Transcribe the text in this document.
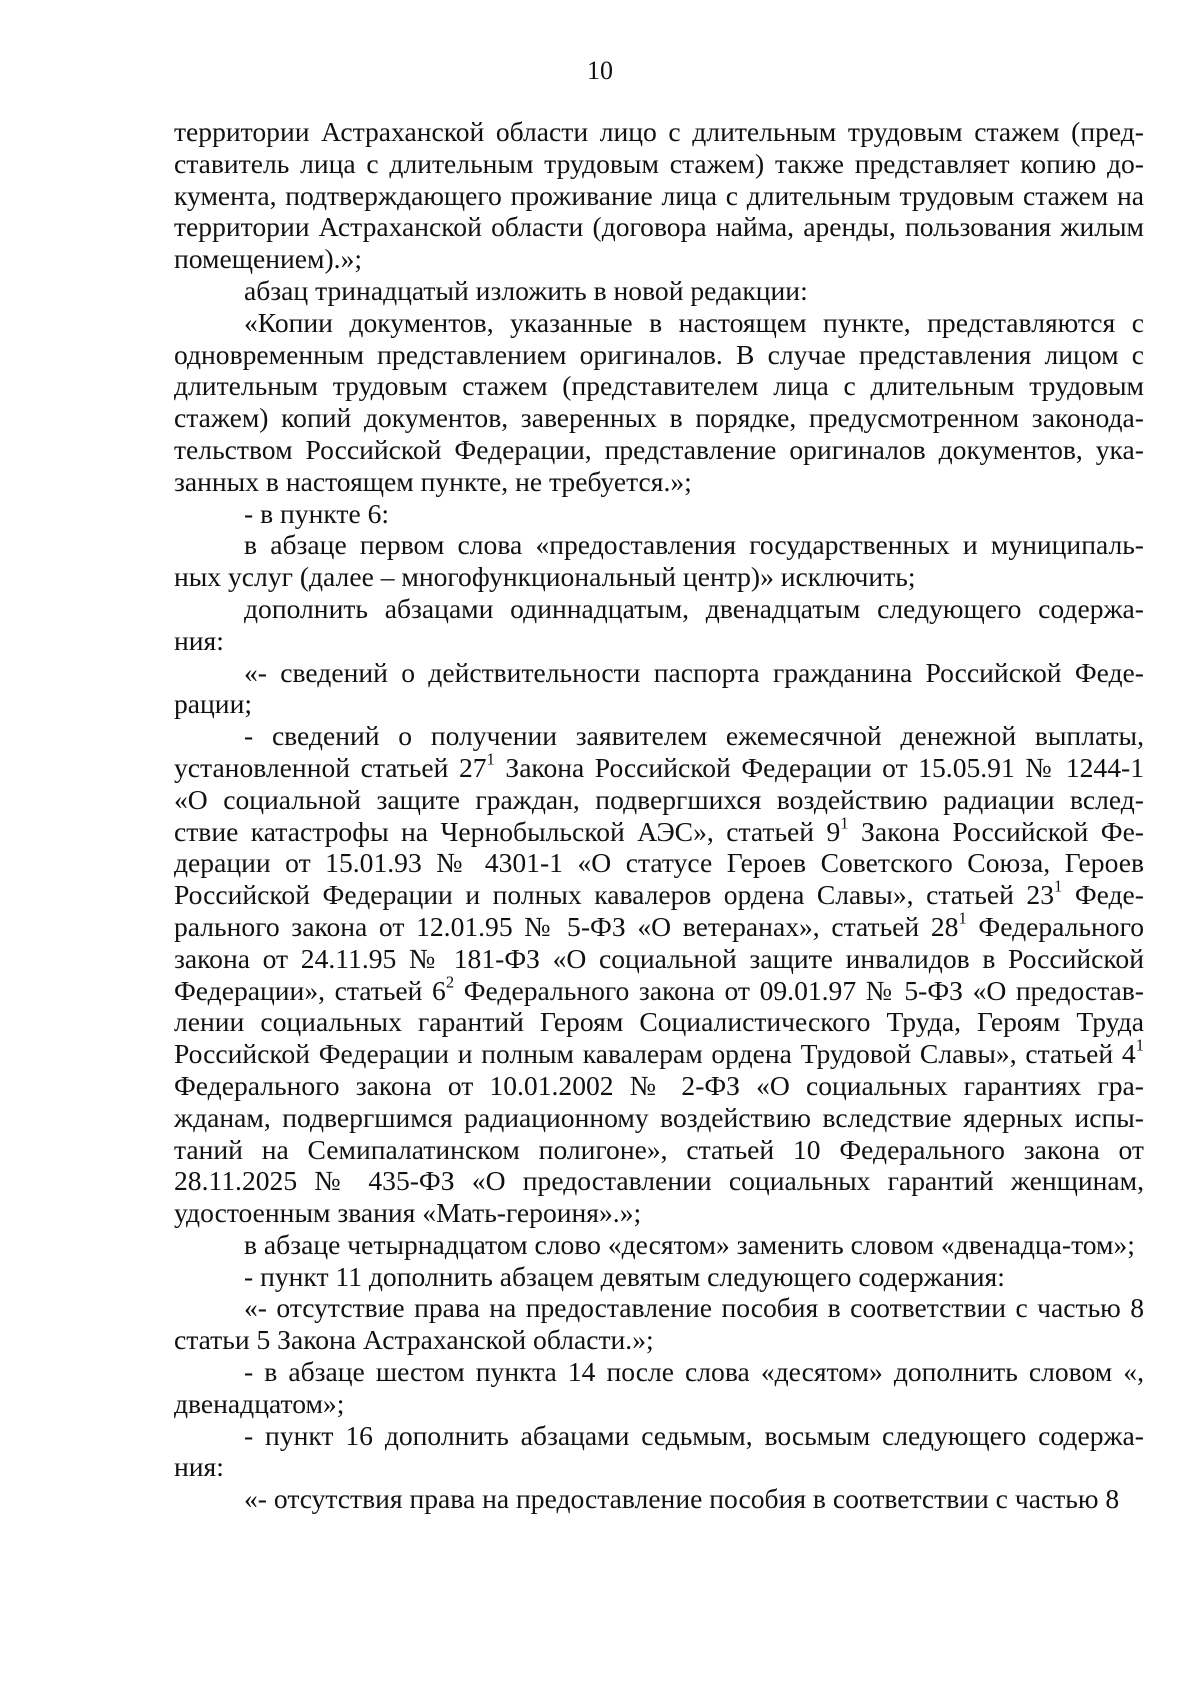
10

территории Астраханской области лицо с длительным трудовым стажем (пред-ставитель лица с длительным трудовым стажем) также представляет копию до-кумента, подтверждающего проживание лица с длительным трудовым стажем на территории Астраханской области (договора найма, аренды, пользования жилым помещением).»;

абзац тринадцатый изложить в новой редакции:

«Копии документов, указанные в настоящем пункте, представляются с одновременным представлением оригиналов. В случае представления лицом с длительным трудовым стажем (представителем лица с длительным трудовым стажем) копий документов, заверенных в порядке, предусмотренном законода-тельством Российской Федерации, представление оригиналов документов, ука-занных в настоящем пункте, не требуется.»;

- в пункте 6:

в абзаце первом слова «предоставления государственных и муниципаль-ных услуг (далее – многофункциональный центр)» исключить;

дополнить абзацами одиннадцатым, двенадцатым следующего содержа-ния:

«- сведений о действительности паспорта гражданина Российской Феде-рации;

- сведений о получении заявителем ежемесячной денежной выплаты, установленной статьей $27^1$ Закона Российской Федерации от 15.05.91 № 1244-1 «О социальной защите граждан, подвергшихся воздействию радиации вслед-ствие катастрофы на Чернобыльской АЭС», статьей $9^1$ Закона Российской Фе-дерации от 15.01.93 № 4301-1 «О статусе Героев Советского Союза, Героев Российской Федерации и полных кавалеров ордена Славы», статьей $23^1$ Феде-рального закона от 12.01.95 № 5-ФЗ «О ветеранах», статьей $28^1$ Федерального закона от 24.11.95 № 181-ФЗ «О социальной защите инвалидов в Российской Федерации», статьей $6^2$ Федерального закона от 09.01.97 № 5-ФЗ «О предостав-лении социальных гарантий Героям Социалистического Труда, Героям Труда Российской Федерации и полным кавалерам ордена Трудовой Славы», статьей $4^1$ Федерального закона от 10.01.2002 № 2-ФЗ «О социальных гарантиях гра-жданам, подвергшимся радиационному воздействию вследствие ядерных испы-таний на Семипалатинском полигоне», статьей 10 Федерального закона от 28.11.2025 № 435-ФЗ «О предоставлении социальных гарантий женщинам, удостоенным звания «Мать-героиня».»;

в абзаце четырнадцатом слово «десятом» заменить словом «двенадца-том»;

- пункт 11 дополнить абзацем девятым следующего содержания:

«- отсутствие права на предоставление пособия в соответствии с частью 8 статьи 5 Закона Астраханской области.»;

- в абзаце шестом пункта 14 после слова «десятом» дополнить словом «, двенадцатом»;

- пункт 16 дополнить абзацами седьмым, восьмым следующего содержа-ния:

«- отсутствия права на предоставление пособия в соответствии с частью 8
